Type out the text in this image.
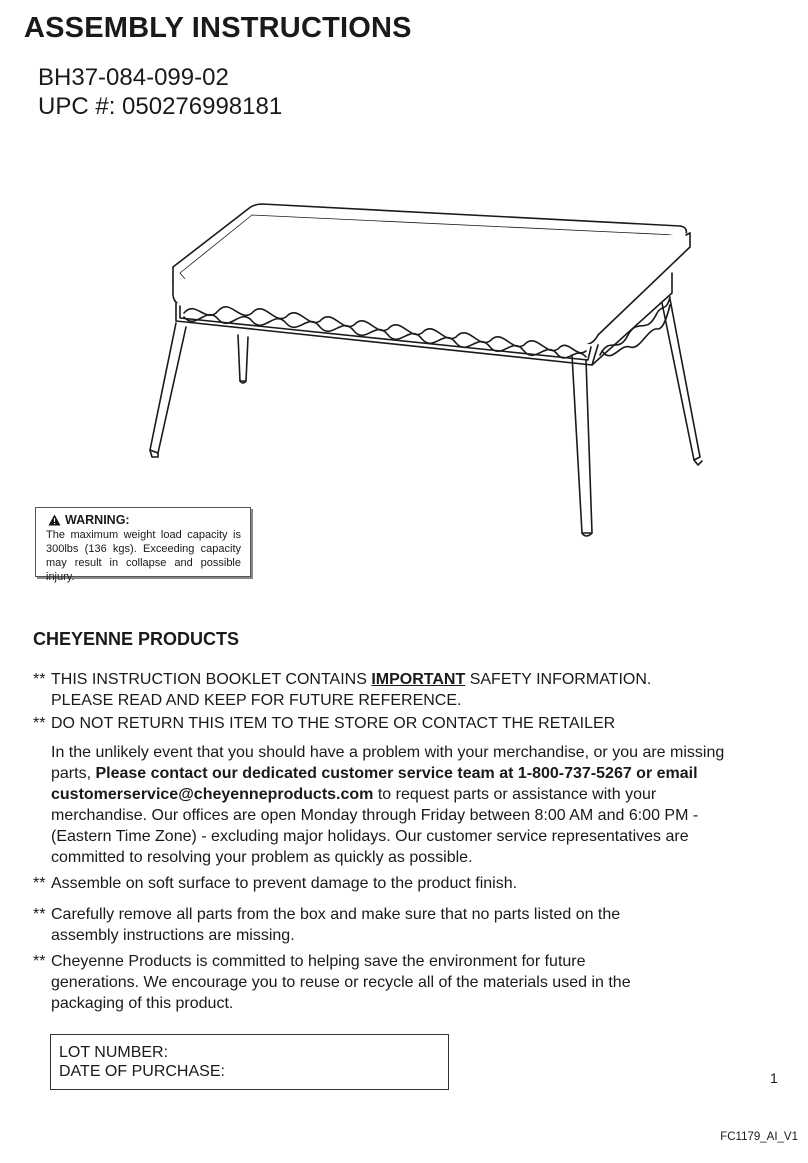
ASSEMBLY INSTRUCTIONS
BH37-084-099-02
UPC #: 050276998181
WARNING:
The maximum weight load capacity is 300lbs (136 kgs). Exceeding capacity may result in collapse and possible injury.
CHEYENNE PRODUCTS
** THIS INSTRUCTION BOOKLET CONTAINS IMPORTANT SAFETY INFORMATION.
PLEASE READ AND KEEP FOR FUTURE REFERENCE.
** DO NOT RETURN THIS ITEM TO THE STORE OR CONTACT THE RETAILER
In the unlikely event that you should have a problem with your merchandise, or you are missing parts, Please contact our dedicated customer service team at 1-800-737-5267 or email customerservice@cheyenneproducts.com to request parts or assistance with your merchandise. Our offices are open Monday through Friday between 8:00 AM and 6:00 PM - (Eastern Time Zone) - excluding major holidays. Our customer service representatives are committed to resolving your problem as quickly as possible.
** Assemble on soft surface to prevent damage to the product finish.
** Carefully remove all parts from the box and make sure that no parts listed on the assembly instructions are missing.
** Cheyenne Products is committed to helping save the environment for future generations. We encourage you to reuse or recycle all of the materials used in the packaging of this product.
LOT NUMBER:
DATE OF PURCHASE:	1
FC1179_AI_V1
